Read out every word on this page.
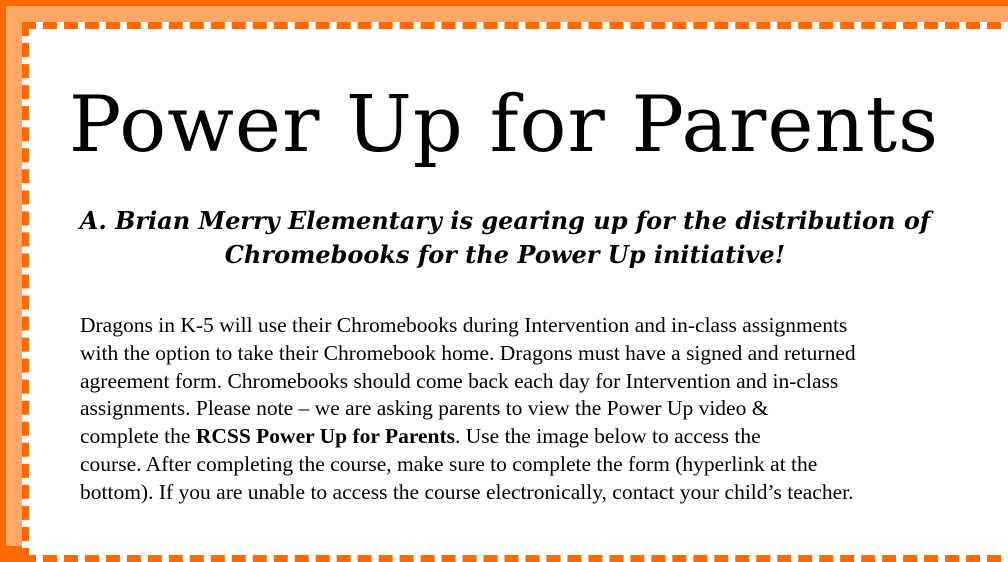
Power Up for Parents

A. Brian Merry Elementary is gearing up for the distribution of
Chromebooks for the Power Up initiative!

Dragons in K-5 will use their Chromebooks during Intervention and in-class assignments
with the option to take their Chromebook home. Dragons must have a signed and returned
agreement form. Chromebooks should come back each day for Intervention and in-class
assignments. Please note – we are asking parents to view the Power Up video &
complete the RCSS Power Up for Parents. Use the image below to access the
course. After completing the course, make sure to complete the form (hyperlink at the
bottom). If you are unable to access the course electronically, contact your child’s teacher.
